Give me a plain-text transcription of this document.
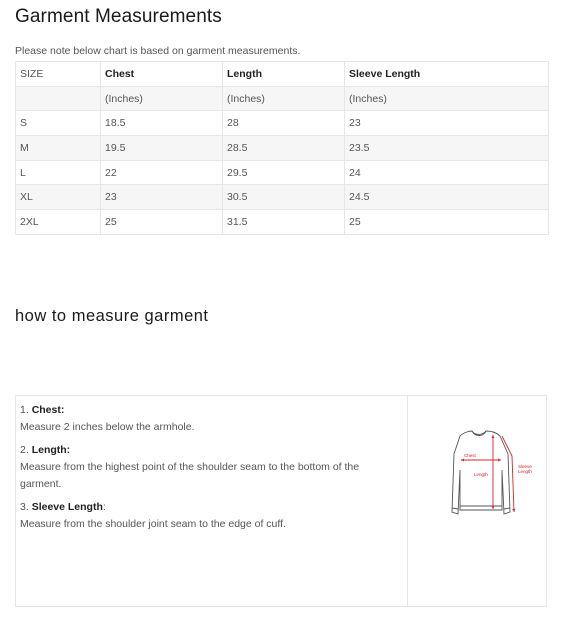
Garment Measurements
Please note below chart is based on garment measurements.
SIZE	Chest	Length	Sleeve Length
	(Inches)	(Inches)	(Inches)
S	18.5	28	23
M	19.5	28.5	23.5
L	22	29.5	24
XL	23	30.5	24.5
2XL	25	31.5	25
how to measure garment

1. Chest:
Measure 2 inches below the armhole.

2. Length:
Measure from the highest point of the shoulder seam to the bottom of the garment.

3. Sleeve Length:
Measure from the shoulder joint seam to the edge of cuff.

Chest
Length
Sleeve
Length
